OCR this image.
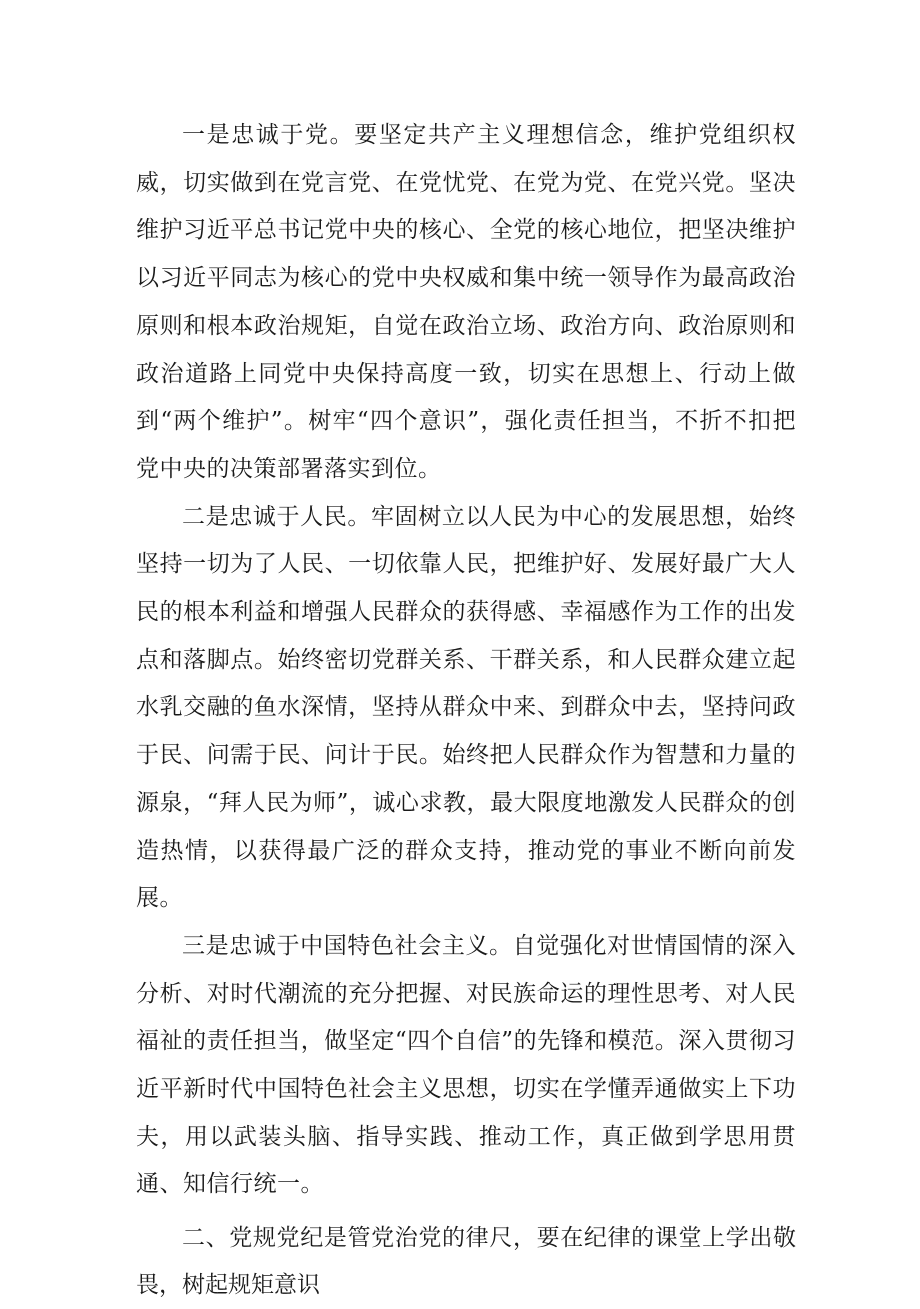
一是忠诚于党。要坚定共产主义理想信念，维护党组织权威，切实做到在党言党、在党忧党、在党为党、在党兴党。坚决维护习近平总书记党中央的核心、全党的核心地位，把坚决维护以习近平同志为核心的党中央权威和集中统一领导作为最高政治原则和根本政治规矩，自觉在政治立场、政治方向、政治原则和政治道路上同党中央保持高度一致，切实在思想上、行动上做到“两个维护”。树牢“四个意识”，强化责任担当，不折不扣把党中央的决策部署落实到位。

二是忠诚于人民。牢固树立以人民为中心的发展思想，始终坚持一切为了人民、一切依靠人民，把维护好、发展好最广大人民的根本利益和增强人民群众的获得感、幸福感作为工作的出发点和落脚点。始终密切党群关系、干群关系，和人民群众建立起水乳交融的鱼水深情，坚持从群众中来、到群众中去，坚持问政于民、问需于民、问计于民。始终把人民群众作为智慧和力量的源泉，“拜人民为师”，诚心求教，最大限度地激发人民群众的创造热情，以获得最广泛的群众支持，推动党的事业不断向前发展。

三是忠诚于中国特色社会主义。自觉强化对世情国情的深入分析、对时代潮流的充分把握、对民族命运的理性思考、对人民福祉的责任担当，做坚定“四个自信”的先锋和模范。深入贯彻习近平新时代中国特色社会主义思想，切实在学懂弄通做实上下功夫，用以武装头脑、指导实践、推动工作，真正做到学思用贯通、知信行统一。

二、党规党纪是管党治党的律尺，要在纪律的课堂上学出敬畏，树起规矩意识
